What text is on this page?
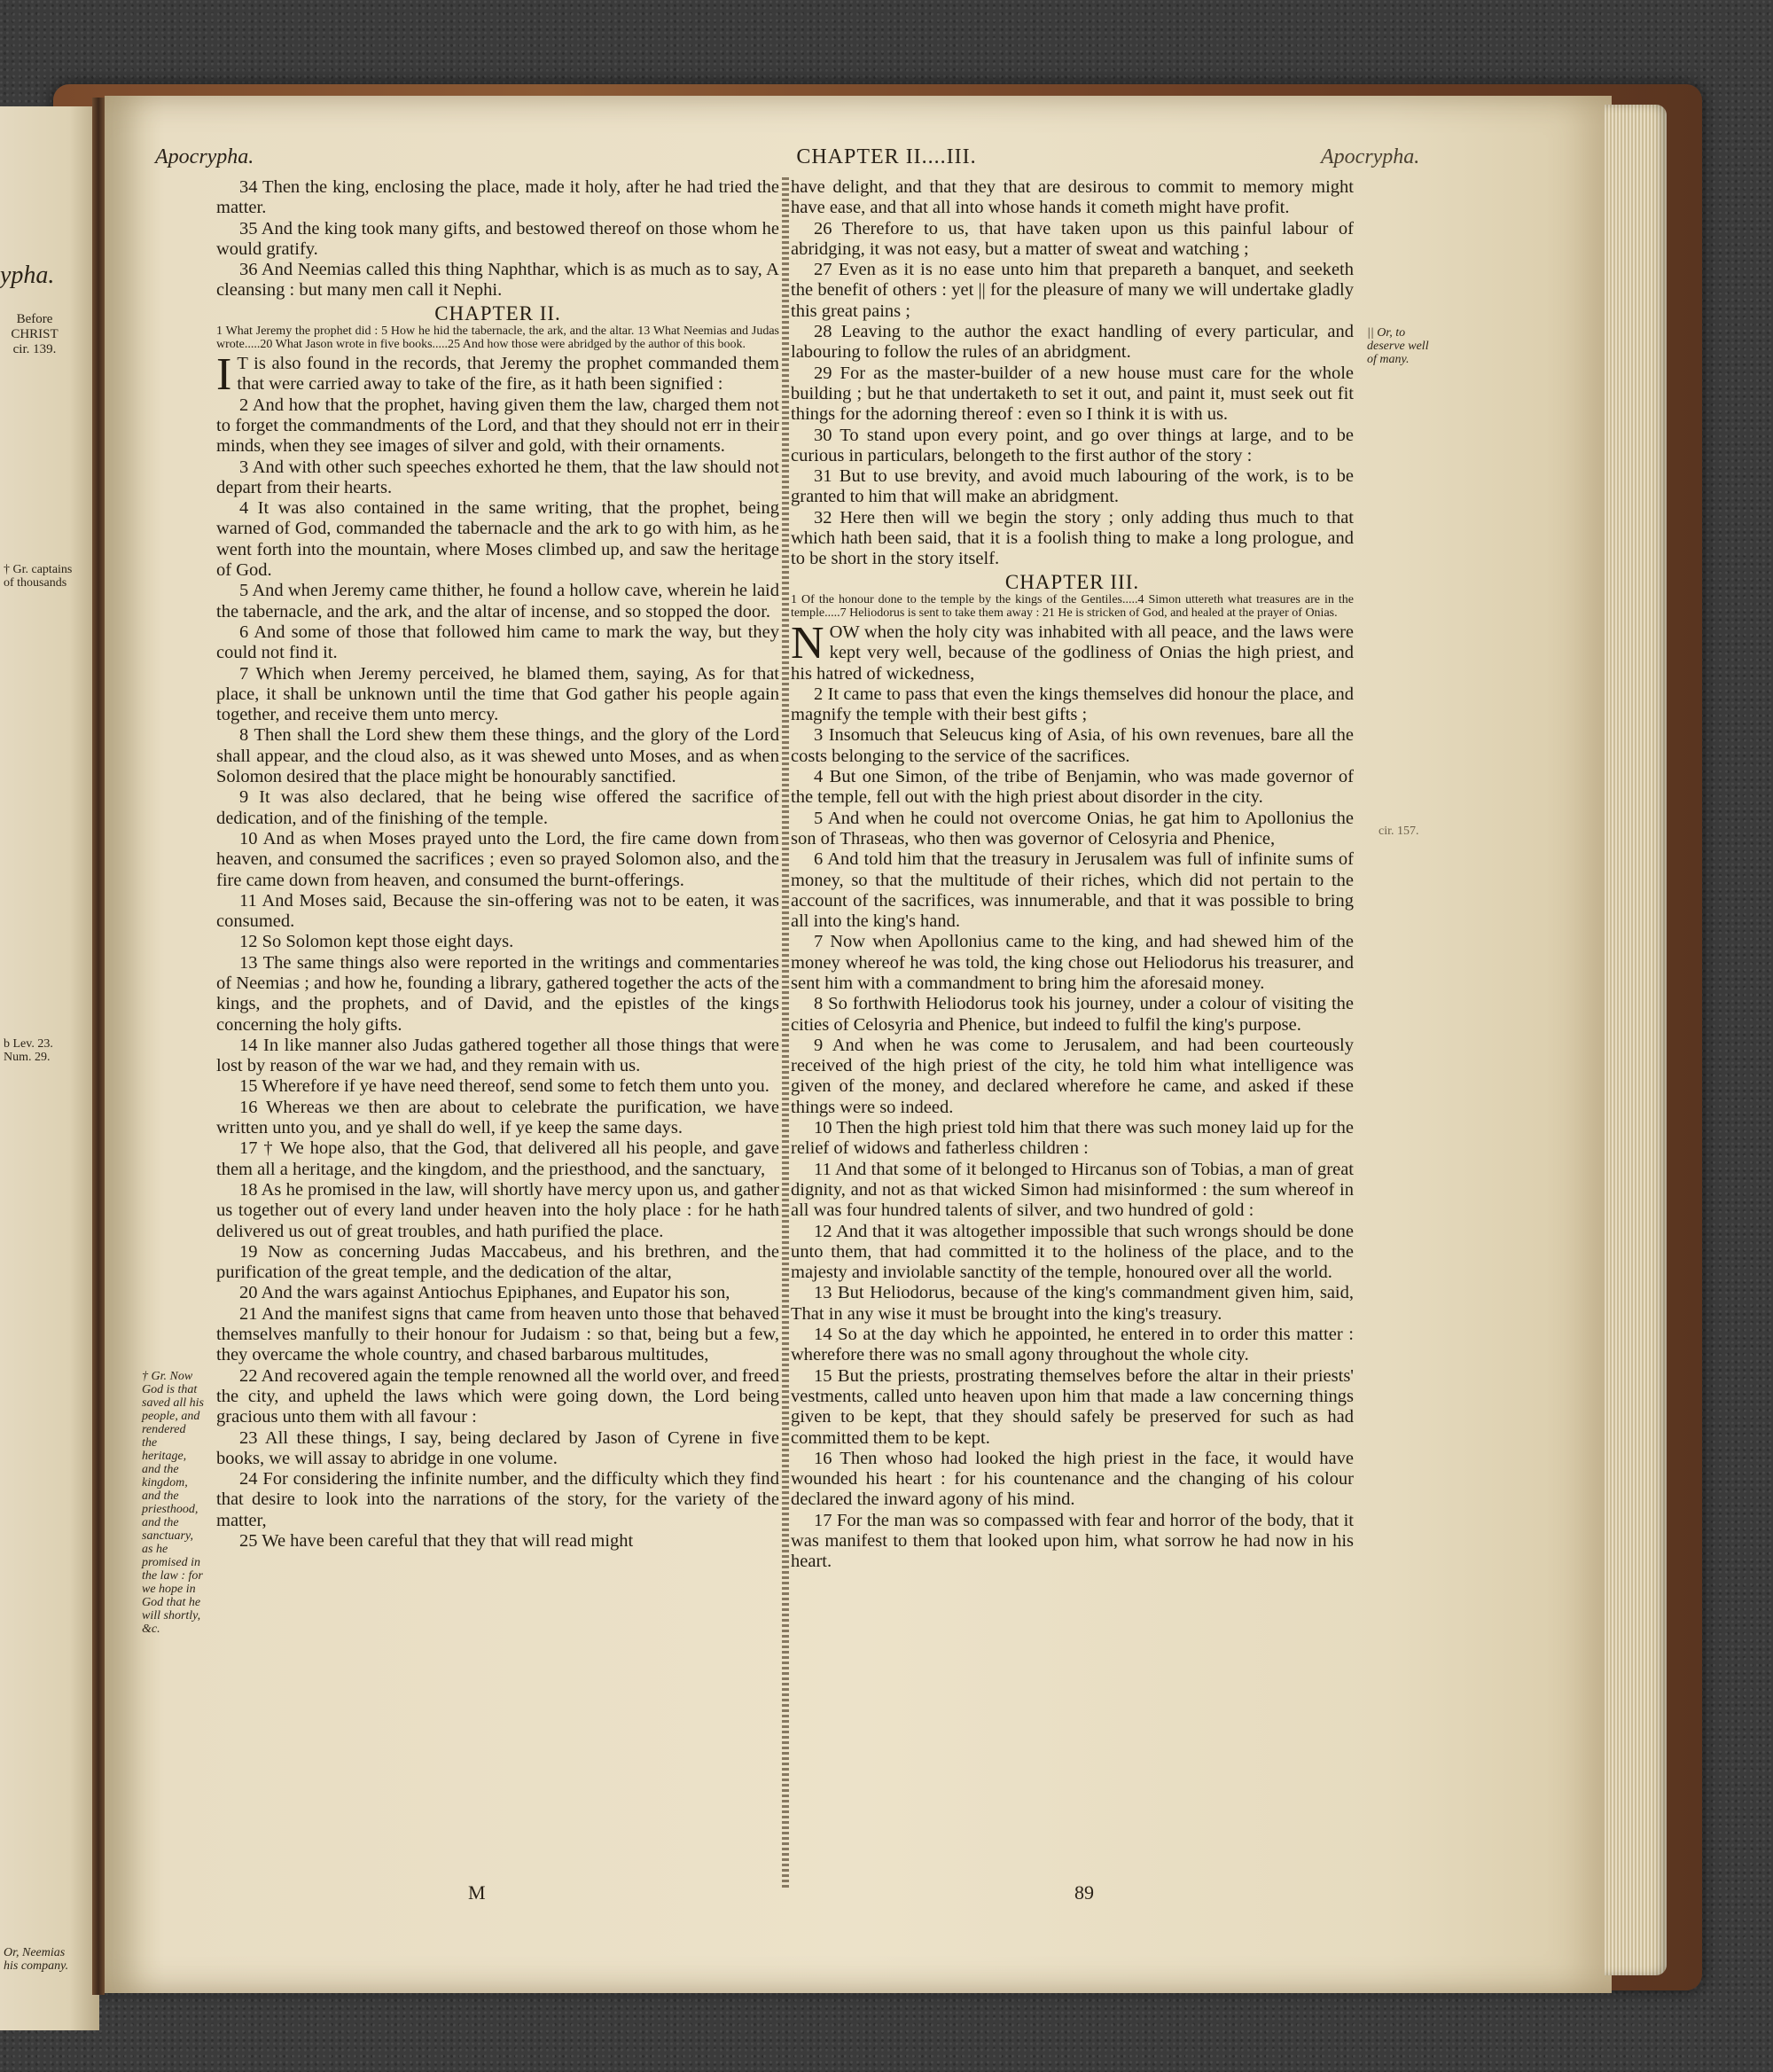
ypha.
Before
CHRIST
cir. 139.
† Gr. captains of thousands
b Lev. 23. Num. 29.
Or, Neemias his company.
Apocrypha.	CHAPTER II....III.	Apocrypha.

34 Then the king, enclosing the place, made it holy, after he had tried the matter.

35 And the king took many gifts, and bestowed thereof on those whom he would gratify.

36 And Neemias called this thing Naphthar, which is as much as to say, A cleansing : but many men call it Nephi.

CHAPTER II.

1 What Jeremy the prophet did : 5 How he hid the tabernacle, the ark, and the altar. 13 What Neemias and Judas wrote.....20 What Jason wrote in five books.....25 And how those were abridged by the author of this book.

I T is also found in the records, that Jeremy the prophet commanded them that were carried away to take of the fire, as it hath been signified :

2 And how that the prophet, having given them the law, charged them not to forget the commandments of the Lord, and that they should not err in their minds, when they see images of silver and gold, with their ornaments.

3 And with other such speeches exhorted he them, that the law should not depart from their hearts.

4 It was also contained in the same writing, that the prophet, being warned of God, commanded the tabernacle and the ark to go with him, as he went forth into the mountain, where Moses climbed up, and saw the heritage of God.

5 And when Jeremy came thither, he found a hollow cave, wherein he laid the tabernacle, and the ark, and the altar of incense, and so stopped the door.

6 And some of those that followed him came to mark the way, but they could not find it.

7 Which when Jeremy perceived, he blamed them, saying, As for that place, it shall be unknown until the time that God gather his people again together, and receive them unto mercy.

8 Then shall the Lord shew them these things, and the glory of the Lord shall appear, and the cloud also, as it was shewed unto Moses, and as when Solomon desired that the place might be honourably sanctified.

9 It was also declared, that he being wise offered the sacrifice of dedication, and of the finishing of the temple.

10 And as when Moses prayed unto the Lord, the fire came down from heaven, and consumed the sacrifices ; even so prayed Solomon also, and the fire came down from heaven, and consumed the burnt-offerings.

11 And Moses said, Because the sin-offering was not to be eaten, it was consumed.

12 So Solomon kept those eight days.

13 The same things also were reported in the writings and commentaries of Neemias ; and how he, founding a library, gathered together the acts of the kings, and the prophets, and of David, and the epistles of the kings concerning the holy gifts.

14 In like manner also Judas gathered together all those things that were lost by reason of the war we had, and they remain with us.

15 Wherefore if ye have need thereof, send some to fetch them unto you.

16 Whereas we then are about to celebrate the purification, we have written unto you, and ye shall do well, if ye keep the same days.

17 † We hope also, that the God, that delivered all his people, and gave them all a heritage, and the kingdom, and the priesthood, and the sanctuary,

18 As he promised in the law, will shortly have mercy upon us, and gather us together out of every land under heaven into the holy place : for he hath delivered us out of great troubles, and hath purified the place.

19 Now as concerning Judas Maccabeus, and his brethren, and the purification of the great temple, and the dedication of the altar,

20 And the wars against Antiochus Epiphanes, and Eupator his son,

21 And the manifest signs that came from heaven unto those that behaved themselves manfully to their honour for Judaism : so that, being but a few, they overcame the whole country, and chased barbarous multitudes,

22 And recovered again the temple renowned all the world over, and freed the city, and upheld the laws which were going down, the Lord being gracious unto them with all favour :

23 All these things, I say, being declared by Jason of Cyrene in five books, we will assay to abridge in one volume.

24 For considering the infinite number, and the difficulty which they find that desire to look into the narrations of the story, for the variety of the matter,

25 We have been careful that they that will read might

have delight, and that they that are desirous to commit to memory might have ease, and that all into whose hands it cometh might have profit.

26 Therefore to us, that have taken upon us this painful labour of abridging, it was not easy, but a matter of sweat and watching ;

27 Even as it is no ease unto him that prepareth a banquet, and seeketh the benefit of others : yet || for the pleasure of many we will undertake gladly this great pains ;

28 Leaving to the author the exact handling of every particular, and labouring to follow the rules of an abridgment.

29 For as the master-builder of a new house must care for the whole building ; but he that undertaketh to set it out, and paint it, must seek out fit things for the adorning thereof : even so I think it is with us.

30 To stand upon every point, and go over things at large, and to be curious in particulars, belongeth to the first author of the story :

31 But to use brevity, and avoid much labouring of the work, is to be granted to him that will make an abridgment.

32 Here then will we begin the story ; only adding thus much to that which hath been said, that it is a foolish thing to make a long prologue, and to be short in the story itself.

CHAPTER III.

1 Of the honour done to the temple by the kings of the Gentiles.....4 Simon uttereth what treasures are in the temple.....7 Heliodorus is sent to take them away : 21 He is stricken of God, and healed at the prayer of Onias.

NOW when the holy city was inhabited with all peace, and the laws were kept very well, because of the godliness of Onias the high priest, and his hatred of wickedness,

2 It came to pass that even the kings themselves did honour the place, and magnify the temple with their best gifts ;

3 Insomuch that Seleucus king of Asia, of his own revenues, bare all the costs belonging to the service of the sacrifices.

4 But one Simon, of the tribe of Benjamin, who was made governor of the temple, fell out with the high priest about disorder in the city.

5 And when he could not overcome Onias, he gat him to Apollonius the son of Thraseas, who then was governor of Celosyria and Phenice,

6 And told him that the treasury in Jerusalem was full of infinite sums of money, so that the multitude of their riches, which did not pertain to the account of the sacrifices, was innumerable, and that it was possible to bring all into the king's hand.

7 Now when Apollonius came to the king, and had shewed him of the money whereof he was told, the king chose out Heliodorus his treasurer, and sent him with a commandment to bring him the aforesaid money.

8 So forthwith Heliodorus took his journey, under a colour of visiting the cities of Celosyria and Phenice, but indeed to fulfil the king's purpose.

9 And when he was come to Jerusalem, and had been courteously received of the high priest of the city, he told him what intelligence was given of the money, and declared wherefore he came, and asked if these things were so indeed.

10 Then the high priest told him that there was such money laid up for the relief of widows and fatherless children :

11 And that some of it belonged to Hircanus son of Tobias, a man of great dignity, and not as that wicked Simon had misinformed : the sum whereof in all was four hundred talents of silver, and two hundred of gold :

12 And that it was altogether impossible that such wrongs should be done unto them, that had committed it to the holiness of the place, and to the majesty and inviolable sanctity of the temple, honoured over all the world.

13 But Heliodorus, because of the king's commandment given him, said, That in any wise it must be brought into the king's treasury.

14 So at the day which he appointed, he entered in to order this matter : wherefore there was no small agony throughout the whole city.

15 But the priests, prostrating themselves before the altar in their priests' vestments, called unto heaven upon him that made a law concerning things given to be kept, that they should safely be preserved for such as had committed them to be kept.

16 Then whoso had looked the high priest in the face, it would have wounded his heart : for his countenance and the changing of his colour declared the inward agony of his mind.

17 For the man was so compassed with fear and horror of the body, that it was manifest to them that looked upon him, what sorrow he had now in his heart.

† Gr. Now God is that saved all his people, and rendered the heritage, and the kingdom, and the priesthood, and the sanctuary, as he promised in the law : for we hope in God that he will shortly, &c.
|| Or, to deserve well of many.
cir. 157.
M	89
